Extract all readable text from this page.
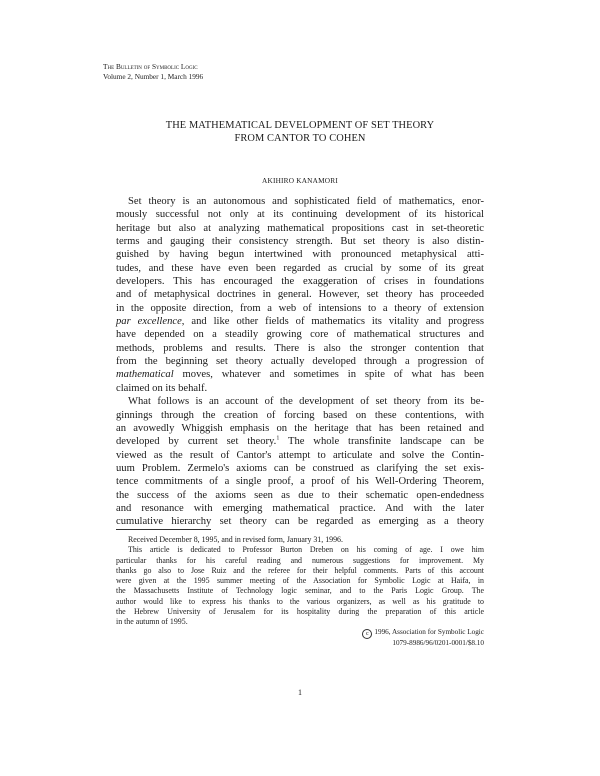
The Bulletin of Symbolic Logic
Volume 2, Number 1, March 1996
THE MATHEMATICAL DEVELOPMENT OF SET THEORY
FROM CANTOR TO COHEN
AKIHIRO KANAMORI
Set theory is an autonomous and sophisticated field of mathematics, enor-
mously successful not only at its continuing development of its historical
heritage but also at analyzing mathematical propositions cast in set-theoretic
terms and gauging their consistency strength. But set theory is also distin-
guished by having begun intertwined with pronounced metaphysical atti-
tudes, and these have even been regarded as crucial by some of its great
developers. This has encouraged the exaggeration of crises in foundations
and of metaphysical doctrines in general. However, set theory has proceeded
in the opposite direction, from a web of intensions to a theory of extension
par excellence, and like other fields of mathematics its vitality and progress
have depended on a steadily growing core of mathematical structures and
methods, problems and results. There is also the stronger contention that
from the beginning set theory actually developed through a progression of
mathematical moves, whatever and sometimes in spite of what has been
claimed on its behalf.
What follows is an account of the development of set theory from its be-
ginnings through the creation of forcing based on these contentions, with
an avowedly Whiggish emphasis on the heritage that has been retained and
developed by current set theory.$^1$ The whole transfinite landscape can be
viewed as the result of Cantor's attempt to articulate and solve the Contin-
uum Problem. Zermelo's axioms can be construed as clarifying the set exis-
tence commitments of a single proof, a proof of his Well-Ordering Theorem,
the success of the axioms seen as due to their schematic open-endedness
and resonance with emerging mathematical practice. And with the later
cumulative hierarchy set theory can be regarded as emerging as a theory
Received December 8, 1995, and in revised form, January 31, 1996.
This article is dedicated to Professor Burton Dreben on his coming of age. I owe him
particular thanks for his careful reading and numerous suggestions for improvement. My
thanks go also to Jose Ruiz and the referee for their helpful comments. Parts of this account
were given at the 1995 summer meeting of the Association for Symbolic Logic at Haifa, in
the Massachusetts Institute of Technology logic seminar, and to the Paris Logic Group. The
author would like to express his thanks to the various organizers, as well as his gratitude to
the Hebrew University of Jerusalem for its hospitality during the preparation of this article
in the autumn of 1995.
c 1996, Association for Symbolic Logic
1079-8986/96/0201-0001/$8.10
1
